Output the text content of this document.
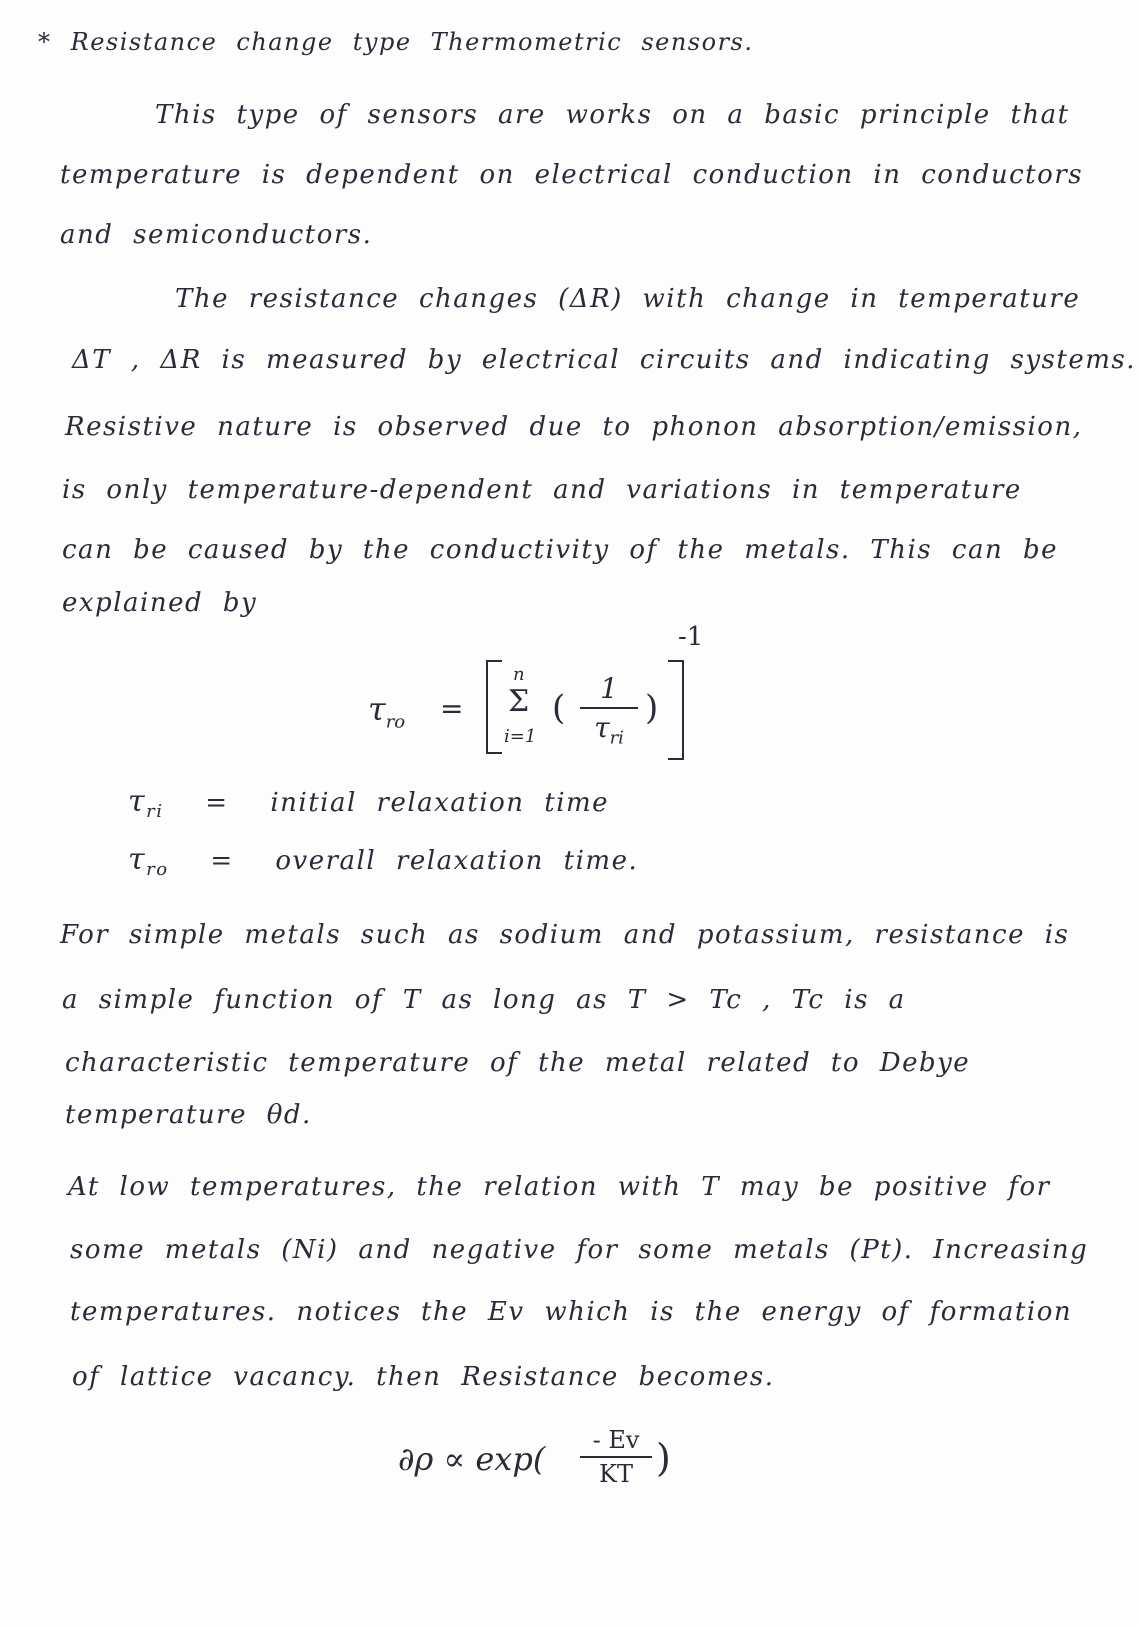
* Resistance change type Thermometric sensors.
This type of sensors are works on a basic principle that
temperature is dependent on electrical conduction in conductors
and semiconductors.
The resistance changes (ΔR) with change in temperature
ΔT , ΔR is measured by electrical circuits and indicating systems.
Resistive nature is observed due to phonon absorption/emission,
is only temperature-dependent and variations in temperature
can be caused by the conductivity of the metals. This can be
explained by
$\tau_{ro}$ =
n
Σ
i=1
(	1
$\tau_{ri}$
)
-1
$\tau_{ri}$ = initial relaxation time
$\tau_{ro}$ = overall relaxation time.
For simple metals such as sodium and potassium, resistance is
a simple function of T as long as T > Tc , Tc is a
characteristic temperature of the metal related to Debye
temperature θd.
At low temperatures, the relation with T may be positive for
some metals (Ni) and negative for some metals (Pt). Increasing
temperatures. notices the Ev which is the energy of formation
of lattice vacancy. then Resistance becomes.
∂ρ ∝ exp(	- Ev
KT )
